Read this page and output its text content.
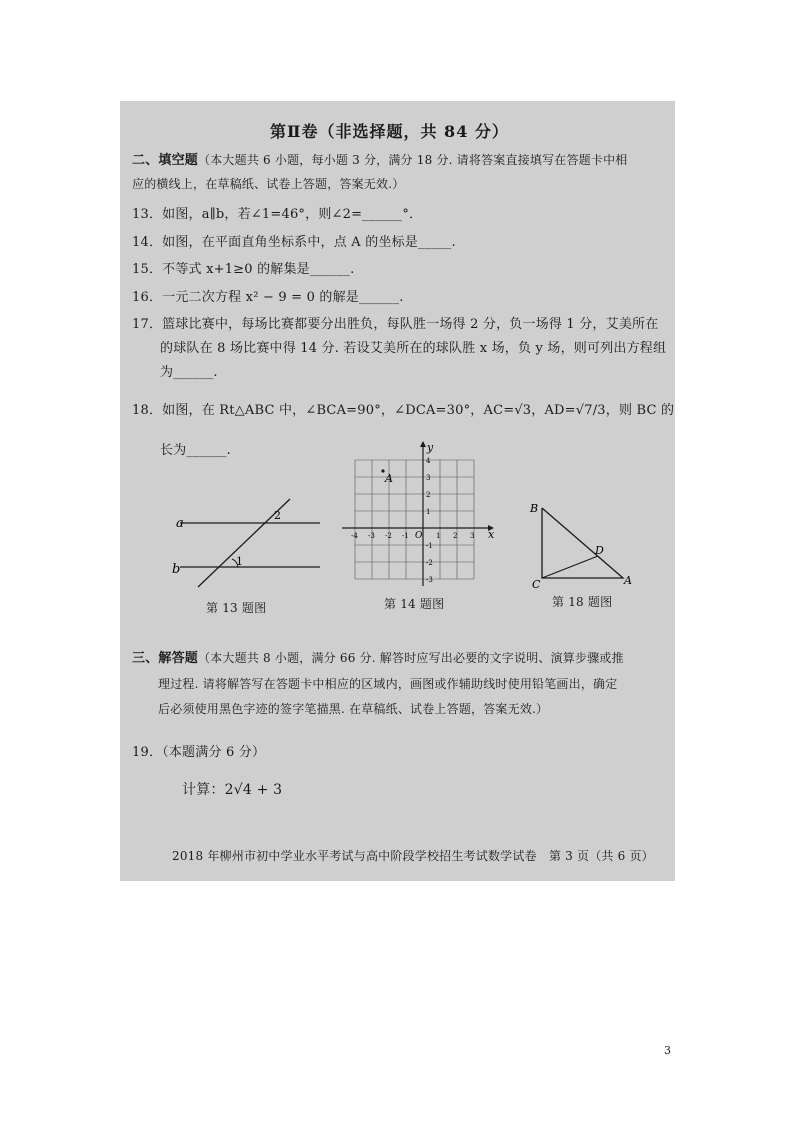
第Ⅱ卷（非选择题，共 84 分）
二、填空题（本大题共 6 小题，每小题 3 分，满分 18 分. 请将答案直接填写在答题卡中相
应的横线上，在草稿纸、试卷上答题，答案无效.）
13．如图，a∥b，若∠1=46°，则∠2=______°．
14．如图，在平面直角坐标系中，点 A 的坐标是_____.
15．不等式 x+1≥0 的解集是______.
16．一元二次方程 x² − 9 = 0 的解是______.
17．篮球比赛中，每场比赛都要分出胜负，每队胜一场得 2 分，负一场得 1 分，艾美所在
的球队在 8 场比赛中得 14 分. 若设艾美所在的球队胜 x 场，负 y 场，则可列出方程组
为______.
18．如图，在 Rt△ABC 中，∠BCA=90°，∠DCA=30°，AC=√3，AD=√7/3，则 BC 的
长为______.
a
b
1
2
第 13 题图
A
x
y
O
-4 -3 -2 -1	1 2 3
4
3
2
1
-1
-2
-3
第 14 题图
B
C	A
D
第 18 题图
三、解答题（本大题共 8 小题，满分 66 分. 解答时应写出必要的文字说明、演算步骤或推
理过程. 请将解答写在答题卡中相应的区域内，画图或作辅助线时使用铅笔画出，确定
后必须使用黑色字迹的签字笔描黑. 在草稿纸、试卷上答题，答案无效.）
19．（本题满分 6 分）
计算：2√4 + 3
2018 年柳州市初中学业水平考试与高中阶段学校招生考试数学试卷　第 3 页（共 6 页）
3
